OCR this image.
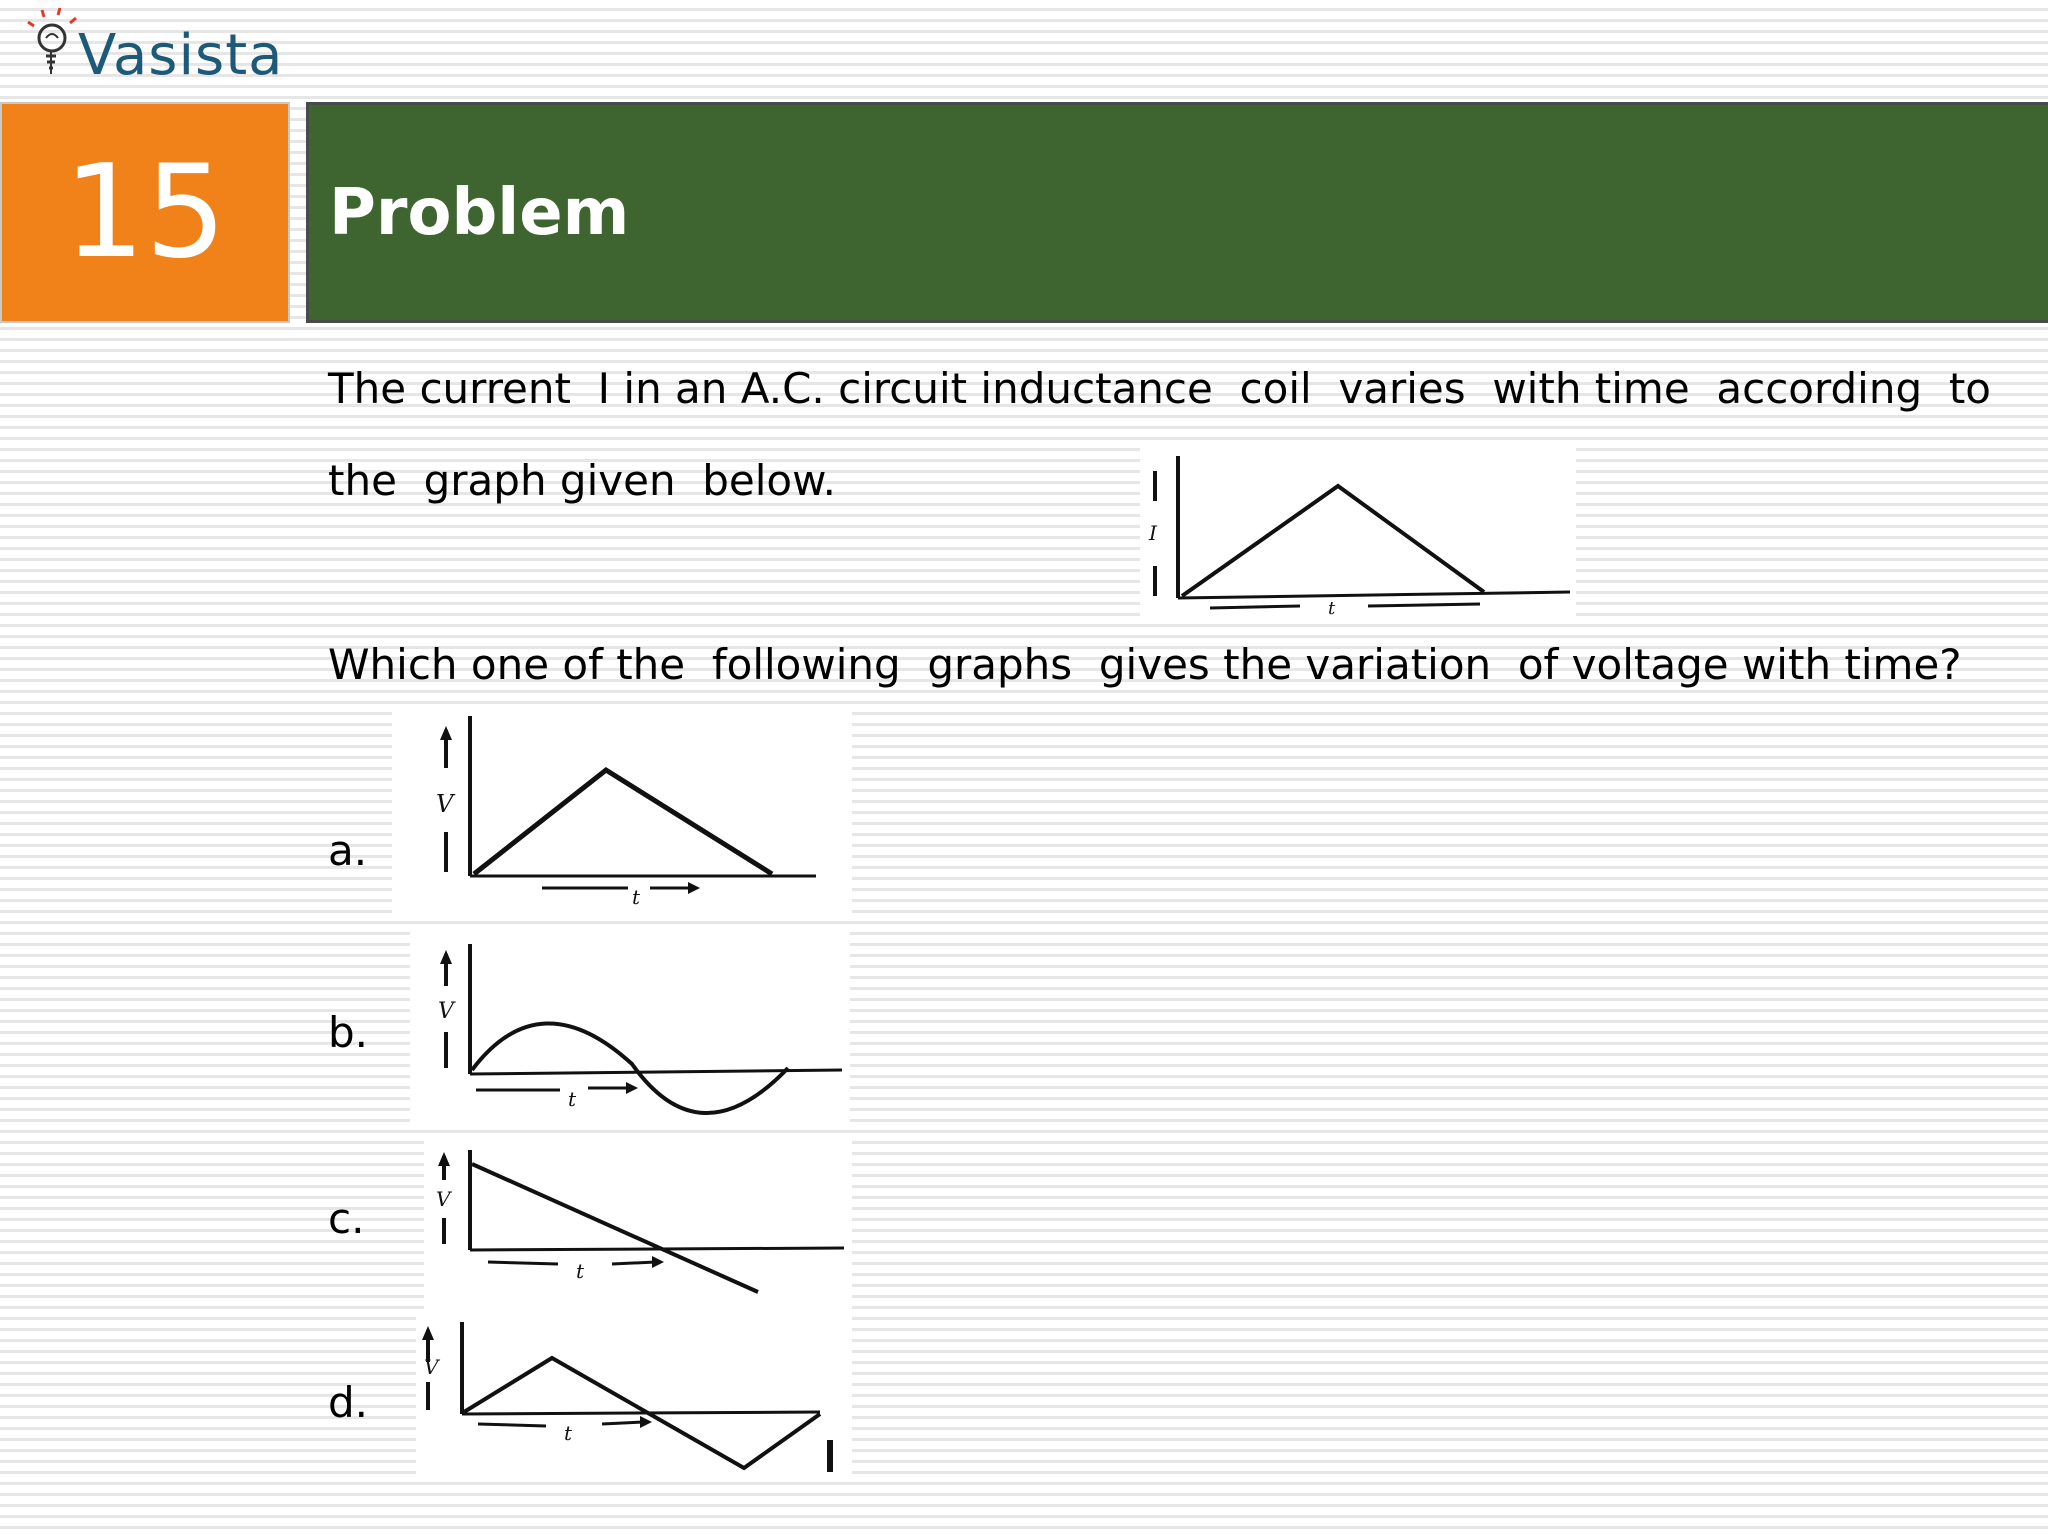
Vasista

15 Problem

The current  I in an A.C. circuit inductance  coil  varies  with time  according  to

the  graph given  below.

I
t

Which one of the  following  graphs  gives the variation  of voltage with time?

a.

V
t

b.	V
t

c.	V
t

d.

V
t
